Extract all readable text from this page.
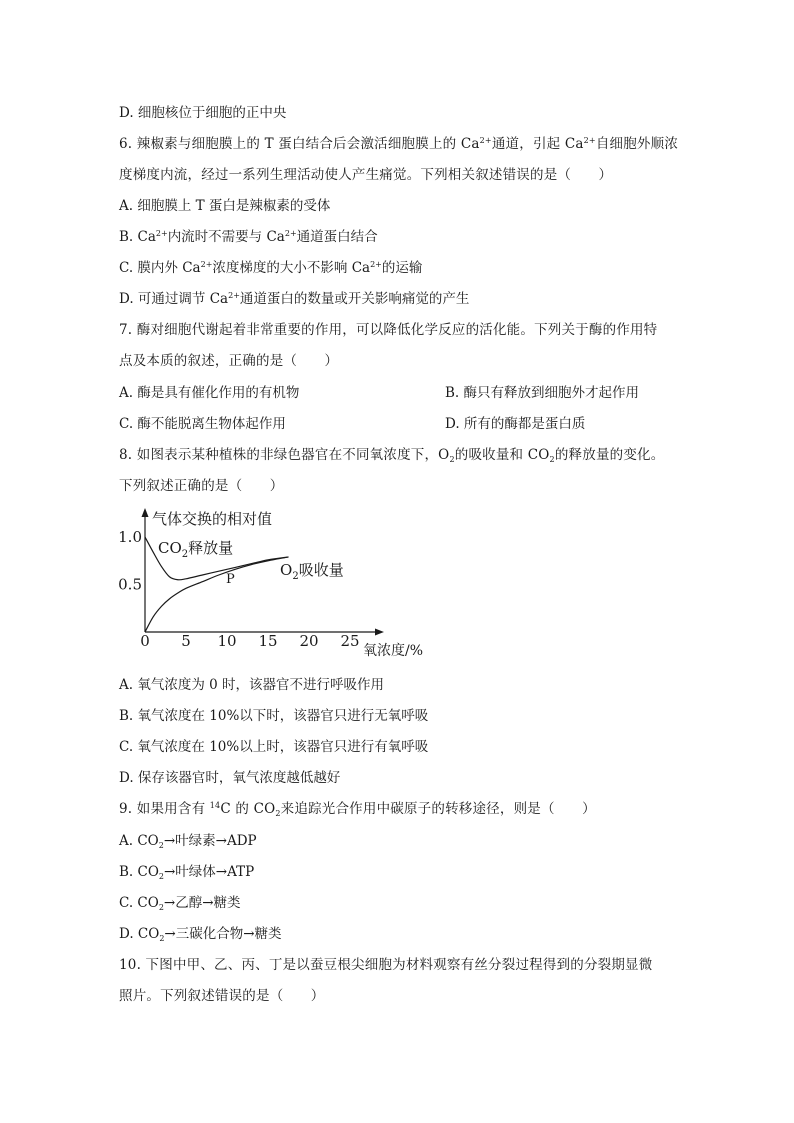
D. 细胞核位于细胞的正中央
6. 辣椒素与细胞膜上的 T 蛋白结合后会激活细胞膜上的 $Ca^{2+}$通道，引起 $Ca^{2+}$自细胞外顺浓
度梯度内流，经过一系列生理活动使人产生痛觉。下列相关叙述错误的是（　　）
A. 细胞膜上 T 蛋白是辣椒素的受体
B. $Ca^{2+}$内流时不需要与 $Ca^{2+}$通道蛋白结合
C. 膜内外 $Ca^{2+}$浓度梯度的大小不影响 $Ca^{2+}$的运输
D. 可通过调节 $Ca^{2+}$通道蛋白的数量或开关影响痛觉的产生
7. 酶对细胞代谢起着非常重要的作用，可以降低化学反应的活化能。下列关于酶的作用特
点及本质的叙述，正确的是（　　）
A. 酶是具有催化作用的有机物	B. 酶只有释放到细胞外才起作用
C. 酶不能脱离生物体起作用	D. 所有的酶都是蛋白质
8. 如图表示某种植株的非绿色器官在不同氧浓度下，$O_2$的吸收量和 $CO_2$的释放量的变化。
下列叙述正确的是（　　）
气体交换的相对值
氧浓度/%
0 5 10 15 20 25
0.5
1.0
$CO_2$释放量
$O_2$吸收量
P
A. 氧气浓度为 0 时，该器官不进行呼吸作用
B. 氧气浓度在 10%以下时，该器官只进行无氧呼吸
C. 氧气浓度在 10%以上时，该器官只进行有氧呼吸
D. 保存该器官时，氧气浓度越低越好
9. 如果用含有 $^{14}$C 的 $CO_2$来追踪光合作用中碳原子的转移途径，则是（　　）
A. $CO_2\to$叶绿素→ADP
B. $CO_2\to$叶绿体→ATP
C. $CO_2\to$乙醇→糖类
D. $CO_2\to$三碳化合物→糖类
10. 下图中甲、乙、丙、丁是以蚕豆根尖细胞为材料观察有丝分裂过程得到的分裂期显微
照片。下列叙述错误的是（　　）
